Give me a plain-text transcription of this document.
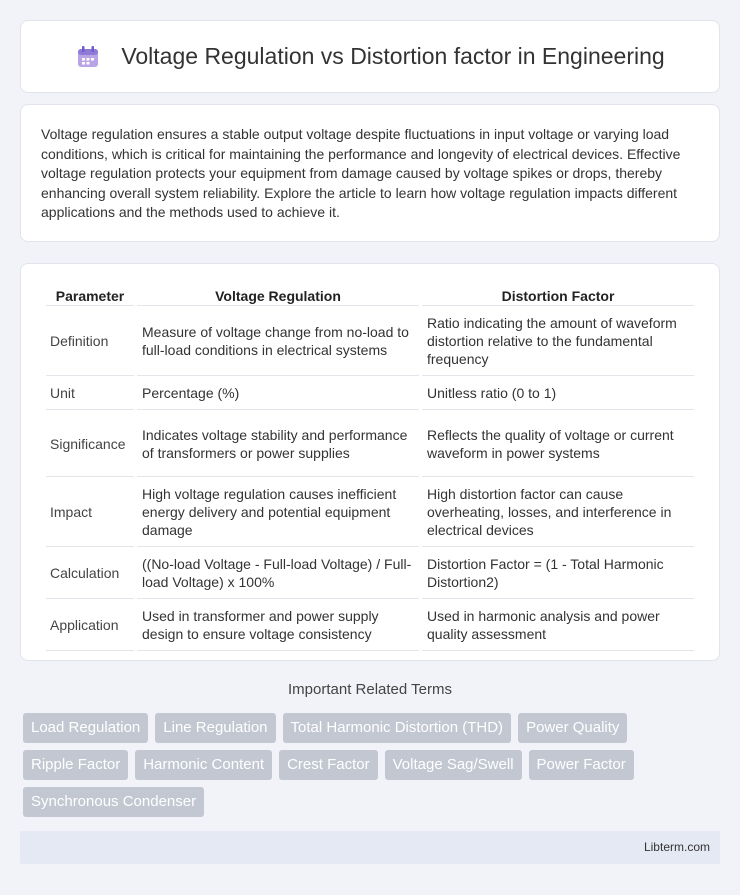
Voltage Regulation vs Distortion factor in Engineering

Voltage regulation ensures a stable output voltage despite fluctuations in input voltage or varying load conditions, which is critical for maintaining the performance and longevity of electrical devices. Effective voltage regulation protects your equipment from damage caused by voltage spikes or drops, thereby enhancing overall system reliability. Explore the article to learn how voltage regulation impacts different applications and the methods used to achieve it.

Parameter	Voltage Regulation	Distortion Factor
Definition	Measure of voltage change from no-load to full-load conditions in electrical systems	Ratio indicating the amount of waveform distortion relative to the fundamental frequency
Unit	Percentage (%)	Unitless ratio (0 to 1)
Significance	Indicates voltage stability and performance of transformers or power supplies	Reflects the quality of voltage or current waveform in power systems
Impact	High voltage regulation causes inefficient energy delivery and potential equipment damage	High distortion factor can cause overheating, losses, and interference in electrical devices
Calculation	((No-load Voltage - Full-load Voltage) / Full-load Voltage) x 100%	Distortion Factor = (1 - Total Harmonic Distortion2)
Application	Used in transformer and power supply design to ensure voltage consistency	Used in harmonic analysis and power quality assessment
Important Related Terms
Load Regulation	Line Regulation	Total Harmonic Distortion (THD)	Power Quality
Ripple Factor	Harmonic Content	Crest Factor	Voltage Sag/Swell	Power Factor
Synchronous Condenser
Libterm.com
